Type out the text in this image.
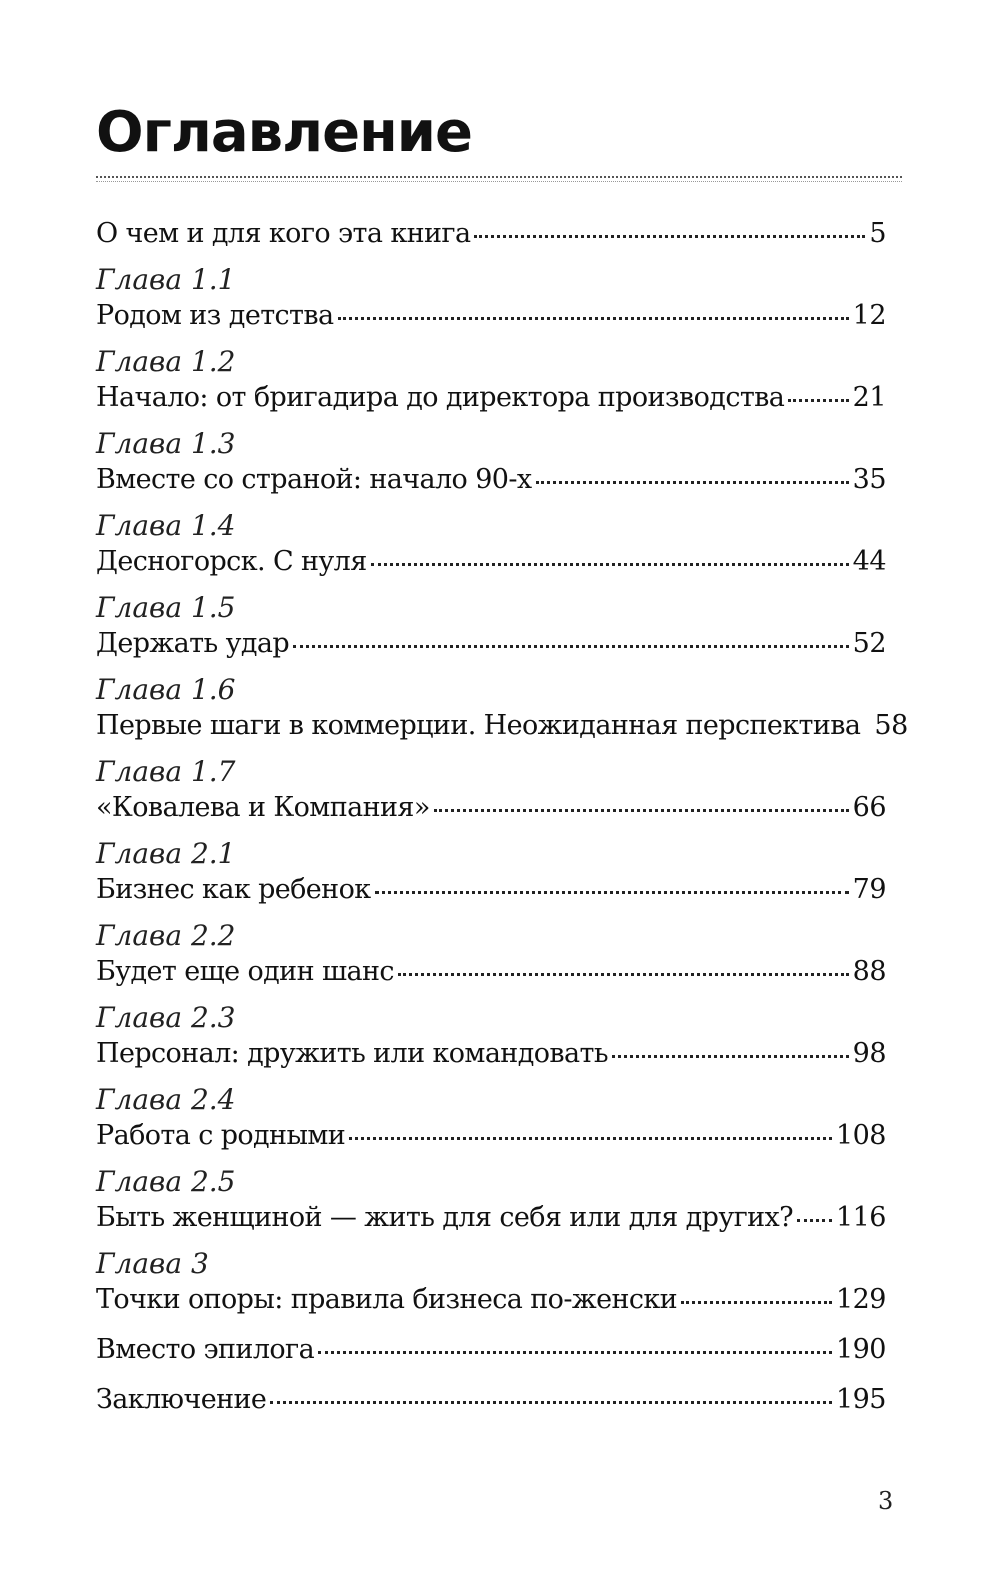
Оглавление
О чем и для кого эта книга	5
Глава 1.1
Родом из детства	12
Глава 1.2
Начало: от бригадира до директора производства	21
Глава 1.3
Вместе со страной: начало 90-х	35
Глава 1.4
Десногорск. С нуля	44
Глава 1.5
Держать удар	52
Глава 1.6
Первые шаги в коммерции. Неожиданная перспектива 58
Глава 1.7
«Ковалева и Компания»	66
Глава 2.1
Бизнес как ребенок	79
Глава 2.2
Будет еще один шанс	88
Глава 2.3
Персонал: дружить или командовать	98
Глава 2.4
Работа с родными	108
Глава 2.5
Быть женщиной — жить для себя или для других? 116
Глава 3
Точки опоры: правила бизнеса по-женски	129
Вместо эпилога	190
Заключение	195
3
